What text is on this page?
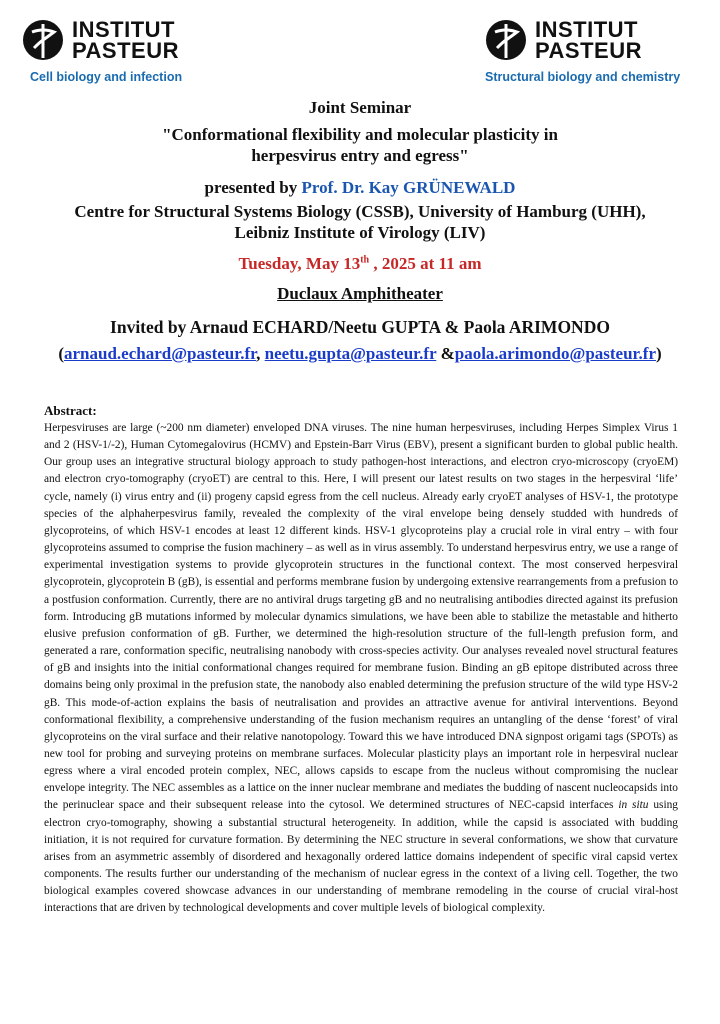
INSTITUT
PASTEUR
Cell biology and infection
INSTITUT
PASTEUR
Structural biology and chemistry
Joint Seminar
"Conformational flexibility and molecular plasticity in
herpesvirus entry and egress"
presented by Prof. Dr. Kay GRÜNEWALD
Centre for Structural Systems Biology (CSSB), University of Hamburg (UHH),
Leibniz Institute of Virology (LIV)
Tuesday, May 13th , 2025 at 11 am
Duclaux Amphitheater
Invited by Arnaud ECHARD/Neetu GUPTA & Paola ARIMONDO
(arnaud.echard@pasteur.fr, neetu.gupta@pasteur.fr &paola.arimondo@pasteur.fr)
Abstract:

Herpesviruses are large (~200 nm diameter) enveloped DNA viruses. The nine human herpesviruses, including Herpes Simplex Virus 1 and 2 (HSV-1/-2), Human Cytomegalovirus (HCMV) and Epstein-Barr Virus (EBV), present a significant burden to global public health. Our group uses an integrative structural biology approach to study pathogen-host interactions, and electron cryo-microscopy (cryoEM) and electron cryo-tomography (cryoET) are central to this. Here, I will present our latest results on two stages in the herpesviral ‘life’ cycle, namely (i) virus entry and (ii) progeny capsid egress from the cell nucleus. Already early cryoET analyses of HSV-1, the prototype species of the alphaherpesvirus family, revealed the complexity of the viral envelope being densely studded with hundreds of glycoproteins, of which HSV-1 encodes at least 12 different kinds. HSV-1 glycoproteins play a crucial role in viral entry – with four glycoproteins assumed to comprise the fusion machinery – as well as in virus assembly. To understand herpesvirus entry, we use a range of experimental investigation systems to provide glycoprotein structures in the functional context. The most conserved herpesviral glycoprotein, glycoprotein B (gB), is essential and performs membrane fusion by undergoing extensive rearrangements from a prefusion to a postfusion conformation. Currently, there are no antiviral drugs targeting gB and no neutralising antibodies directed against its prefusion form. Introducing gB mutations informed by molecular dynamics simulations, we have been able to stabilize the metastable and hitherto elusive prefusion conformation of gB. Further, we determined the high-resolution structure of the full-length prefusion form, and generated a rare, conformation specific, neutralising nanobody with cross-species activity. Our analyses revealed novel structural features of gB and insights into the initial conformational changes required for membrane fusion. Binding an gB epitope distributed across three domains being only proximal in the prefusion state, the nanobody also enabled determining the prefusion structure of the wild type HSV-2 gB. This mode-of-action explains the basis of neutralisation and provides an attractive avenue for antiviral interventions. Beyond conformational flexibility, a comprehensive understanding of the fusion mechanism requires an untangling of the dense ‘forest’ of viral glycoproteins on the viral surface and their relative nanotopology. Toward this we have introduced DNA signpost origami tags (SPOTs) as new tool for probing and surveying proteins on membrane surfaces. Molecular plasticity plays an important role in herpesviral nuclear egress where a viral encoded protein complex, NEC, allows capsids to escape from the nucleus without compromising the nuclear envelope integrity. The NEC assembles as a lattice on the inner nuclear membrane and mediates the budding of nascent nucleocapsids into the perinuclear space and their subsequent release into the cytosol. We determined structures of NEC-capsid interfaces in situ using electron cryo-tomography, showing a substantial structural heterogeneity. In addition, while the capsid is associated with budding initiation, it is not required for curvature formation. By determining the NEC structure in several conformations, we show that curvature arises from an asymmetric assembly of disordered and hexagonally ordered lattice domains independent of specific viral capsid vertex components. The results further our understanding of the mechanism of nuclear egress in the context of a living cell. Together, the two biological examples covered showcase advances in our understanding of membrane remodeling in the course of crucial viral-host interactions that are driven by technological developments and cover multiple levels of biological complexity.
